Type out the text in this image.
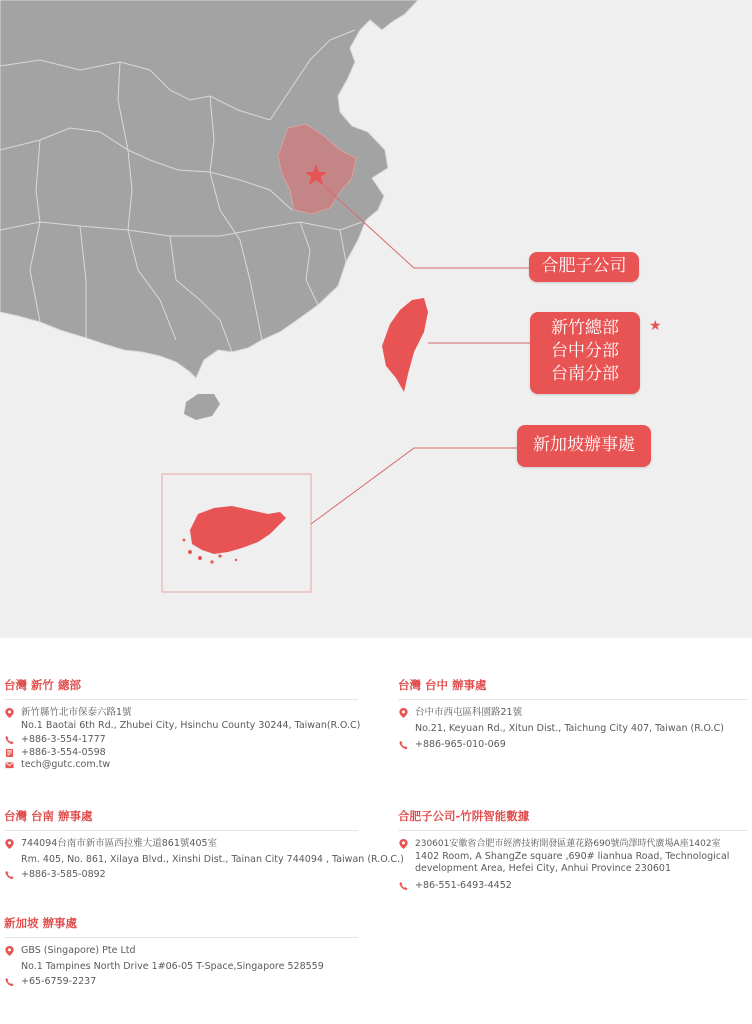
合肥子公司
新竹總部
台中分部
台南分部
★
新加坡辦事處
台灣 新竹 總部
新竹縣竹北市保泰六路1號
No.1 Baotai 6th Rd., Zhubei City, Hsinchu County 30244, Taiwan(R.O.C)
+886-3-554-1777
+886-3-554-0598
tech@gutc.com.tw
台灣 台中 辦事處
台中市西屯區科園路21號
No.21, Keyuan Rd., Xitun Dist., Taichung City 407, Taiwan (R.O.C)
+886-965-010-069
台灣 台南 辦事處
744094台南市新市區西拉雅大道861號405室
Rm. 405, No. 861, Xilaya Blvd., Xinshi Dist., Tainan City 744094 , Taiwan (R.O.C.)
+886-3-585-0892
合肥子公司-竹阱智能數據
230601安徽省合肥市經濟技術開發區蓮花路690號尚澤時代廣場A座1402室
1402 Room, A ShangZe square ,690# lianhua Road, Technological development Area, Hefei City, Anhui Province 230601
+86-551-6493-4452
新加坡 辦事處
GBS (Singapore) Pte Ltd
No.1 Tampines North Drive 1#06-05 T-Space,Singapore 528559
+65-6759-2237
